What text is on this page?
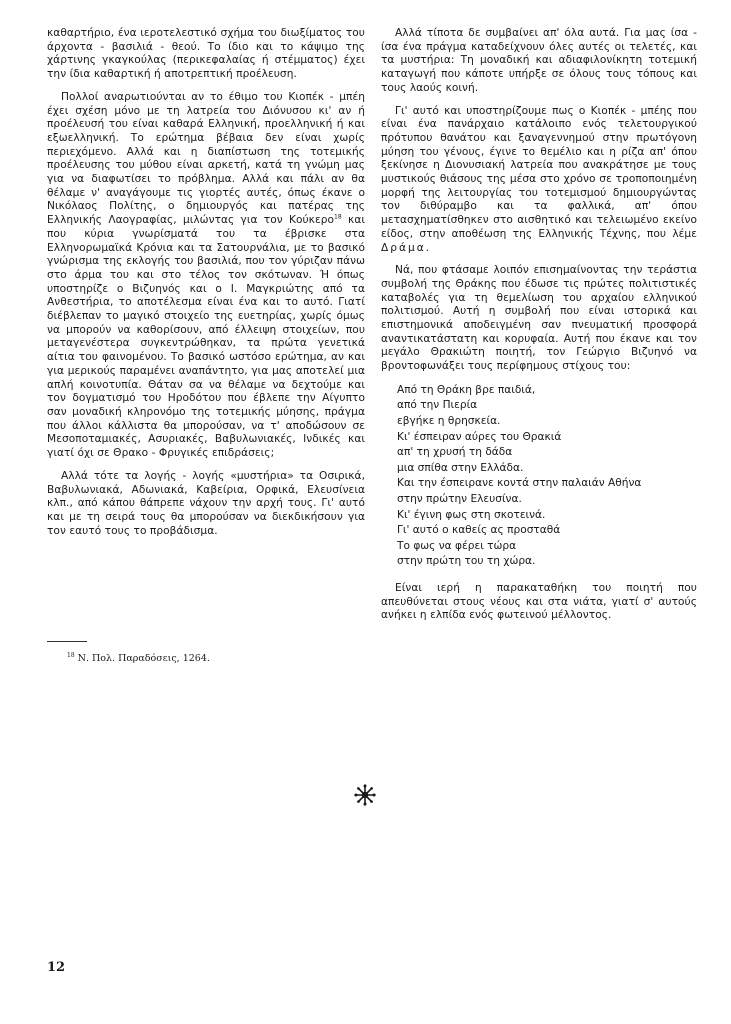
καθαρτήριο, ένα ιεροτελεστικό σχήμα του διωξίματος του άρχοντα - βασιλιά - θεού. Το ίδιο και το κάψιμο της χάρτινης γκαγκούλας (περικεφαλαίας ή στέμματος) έχει την ίδια καθαρτική ή αποτρεπτική προέλευση.

Πολλοί αναρωτιούνται αν το έθιμο του Κιοπέκ - μπέη έχει σχέση μόνο με τη λατρεία του Διόνυσου κι' αν ή προέλευσή του είναι καθαρά Ελληνική, προελληνική ή και εξωελληνική. Το ερώτημα βέβαια δεν είναι χωρίς περιεχόμενο. Αλλά και η διαπίστωση της τοτεμικής προέλευσης του μύθου είναι αρκετή, κατά τη γνώμη μας για να διαφωτίσει το πρόβλημα. Αλλά και πάλι αν θα θέλαμε ν' αναγάγουμε τις γιορτές αυτές, όπως έκανε ο Νικόλαος Πολίτης, ο δημιουργός και πατέρας της Ελληνικής Λαογραφίας, μιλώντας για τον Κούκερο$^{18}$ και που κύρια γνωρίσματά του τα έβρισκε στα Ελληνορωμαϊκά Κρόνια και τα Σατουρνάλια, με το βασικό γνώρισμα της εκλογής του βασιλιά, που τον γύριζαν πάνω στο άρμα του και στο τέλος τον σκότωναν. Ή όπως υποστηρίζε ο Βιζυηνός και ο Ι. Μαγκριώτης από τα Ανθεστήρια, το αποτέλεσμα είναι ένα και το αυτό. Γιατί διέβλεπαν το μαγικό στοιχείο της ευετηρίας, χωρίς όμως να μπορούν να καθορίσουν, από έλλειψη στοιχείων, που μεταγενέστερα συγκεντρώθηκαν, τα πρώτα γενετικά αίτια του φαινομένου. Το βασικό ωστόσο ερώτημα, αν και για μερικούς παραμένει αναπάντητο, για μας αποτελεί μια απλή κοινοτυπία. Θάταν σα να θέλαμε να δεχτούμε και τον δογματισμό του Ηροδότου που έβλεπε την Αίγυπτο σαν μοναδική κληρονόμο της τοτεμικής μύησης, πράγμα που άλλοι κάλλιστα θα μπορούσαν, να τ' αποδώσουν σε Μεσοποταμιακές, Ασυριακές, Βαβυλωνιακές, Ινδικές και γιατί όχι σε Θρακο - Φρυγικές επιδράσεις;

Αλλά τότε τα λογής - λογής «μυστήρια» τα Οσιρικά, Βαβυλωνιακά, Αδωνιακά, Καβείρια, Ορφικά, Ελευσίνεια κλπ., από κάπου θάπρεπε νάχουν την αρχή τους. Γι' αυτό και με τη σειρά τους θα μπορούσαν να διεκδικήσουν για τον εαυτό τους το προβάδισμα.

$^{18}$ Ν. Πολ. Παραδόσεις, 1264.

Αλλά τίποτα δε συμβαίνει απ' όλα αυτά. Για μας ίσα - ίσα ένα πράγμα καταδείχνουν όλες αυτές οι τελετές, και τα μυστήρια: Τη μοναδική και αδιαφιλονίκητη τοτεμική καταγωγή που κάποτε υπήρξε σε όλους τους τόπους και τους λαούς κοινή.

Γι' αυτό και υποστηρίζουμε πως ο Κιοπέκ - μπέης που είναι ένα πανάρχαιο κατάλοιπο ενός τελετουργικού πρότυπου θανάτου και ξαναγεννημού στην πρωτόγονη μύηση του γένους, έγινε το θεμέλιο και η ρίζα απ' όπου ξεκίνησε η Διονυσιακή λατρεία που ανακράτησε με τους μυστικούς θιάσους της μέσα στο χρόνο σε τροποποιημένη μορφή της λειτουργίας του τοτεμισμού δημιουργώντας τον διθύραμβο και τα φαλλικά, απ' όπου μετασχηματίσθηκεν στο αισθητικό και τελειωμένο εκείνο είδος, στην αποθέωση της Ελληνικής Τέχνης, που λέμε Δράμα.

Νά, που φτάσαμε λοιπόν επισημαίνοντας την τεράστια συμβολή της Θράκης που έδωσε τις πρώτες πολιτιστικές καταβολές για τη θεμελίωση του αρχαίου ελληνικού πολιτισμού. Αυτή η συμβολή που είναι ιστορικά και επιστημονικά αποδειγμένη σαν πνευματική προσφορά αναντικατάστατη και κορυφαία. Αυτή που έκανε και τον μεγάλο Θρακιώτη ποιητή, τον Γεώργιο Βιζυηνό να βροντοφωνάξει τους περίφημους στίχους του:

Από τη Θράκη βρε παιδιά,
από την Πιερία
εβγήκε η θρησκεία.
Κι' έσπειραν αύρες του Θρακιά
απ' τη χρυσή τη δάδα
μια σπίθα στην Ελλάδα.
Και την έσπειρανε κοντά στην παλαιάν Αθήνα
στην πρώτην Ελευσίνα.
Κι' έγινη φως στη σκοτεινά.
Γι' αυτό ο καθείς ας προσταθά
Το φως να φέρει τώρα
στην πρώτη του τη χώρα.

Είναι ιερή η παρακαταθήκη του ποιητή που απευθύνεται στους νέους και στα νιάτα, γιατί σ' αυτούς ανήκει η ελπίδα ενός φωτεινού μέλλοντος.

12
